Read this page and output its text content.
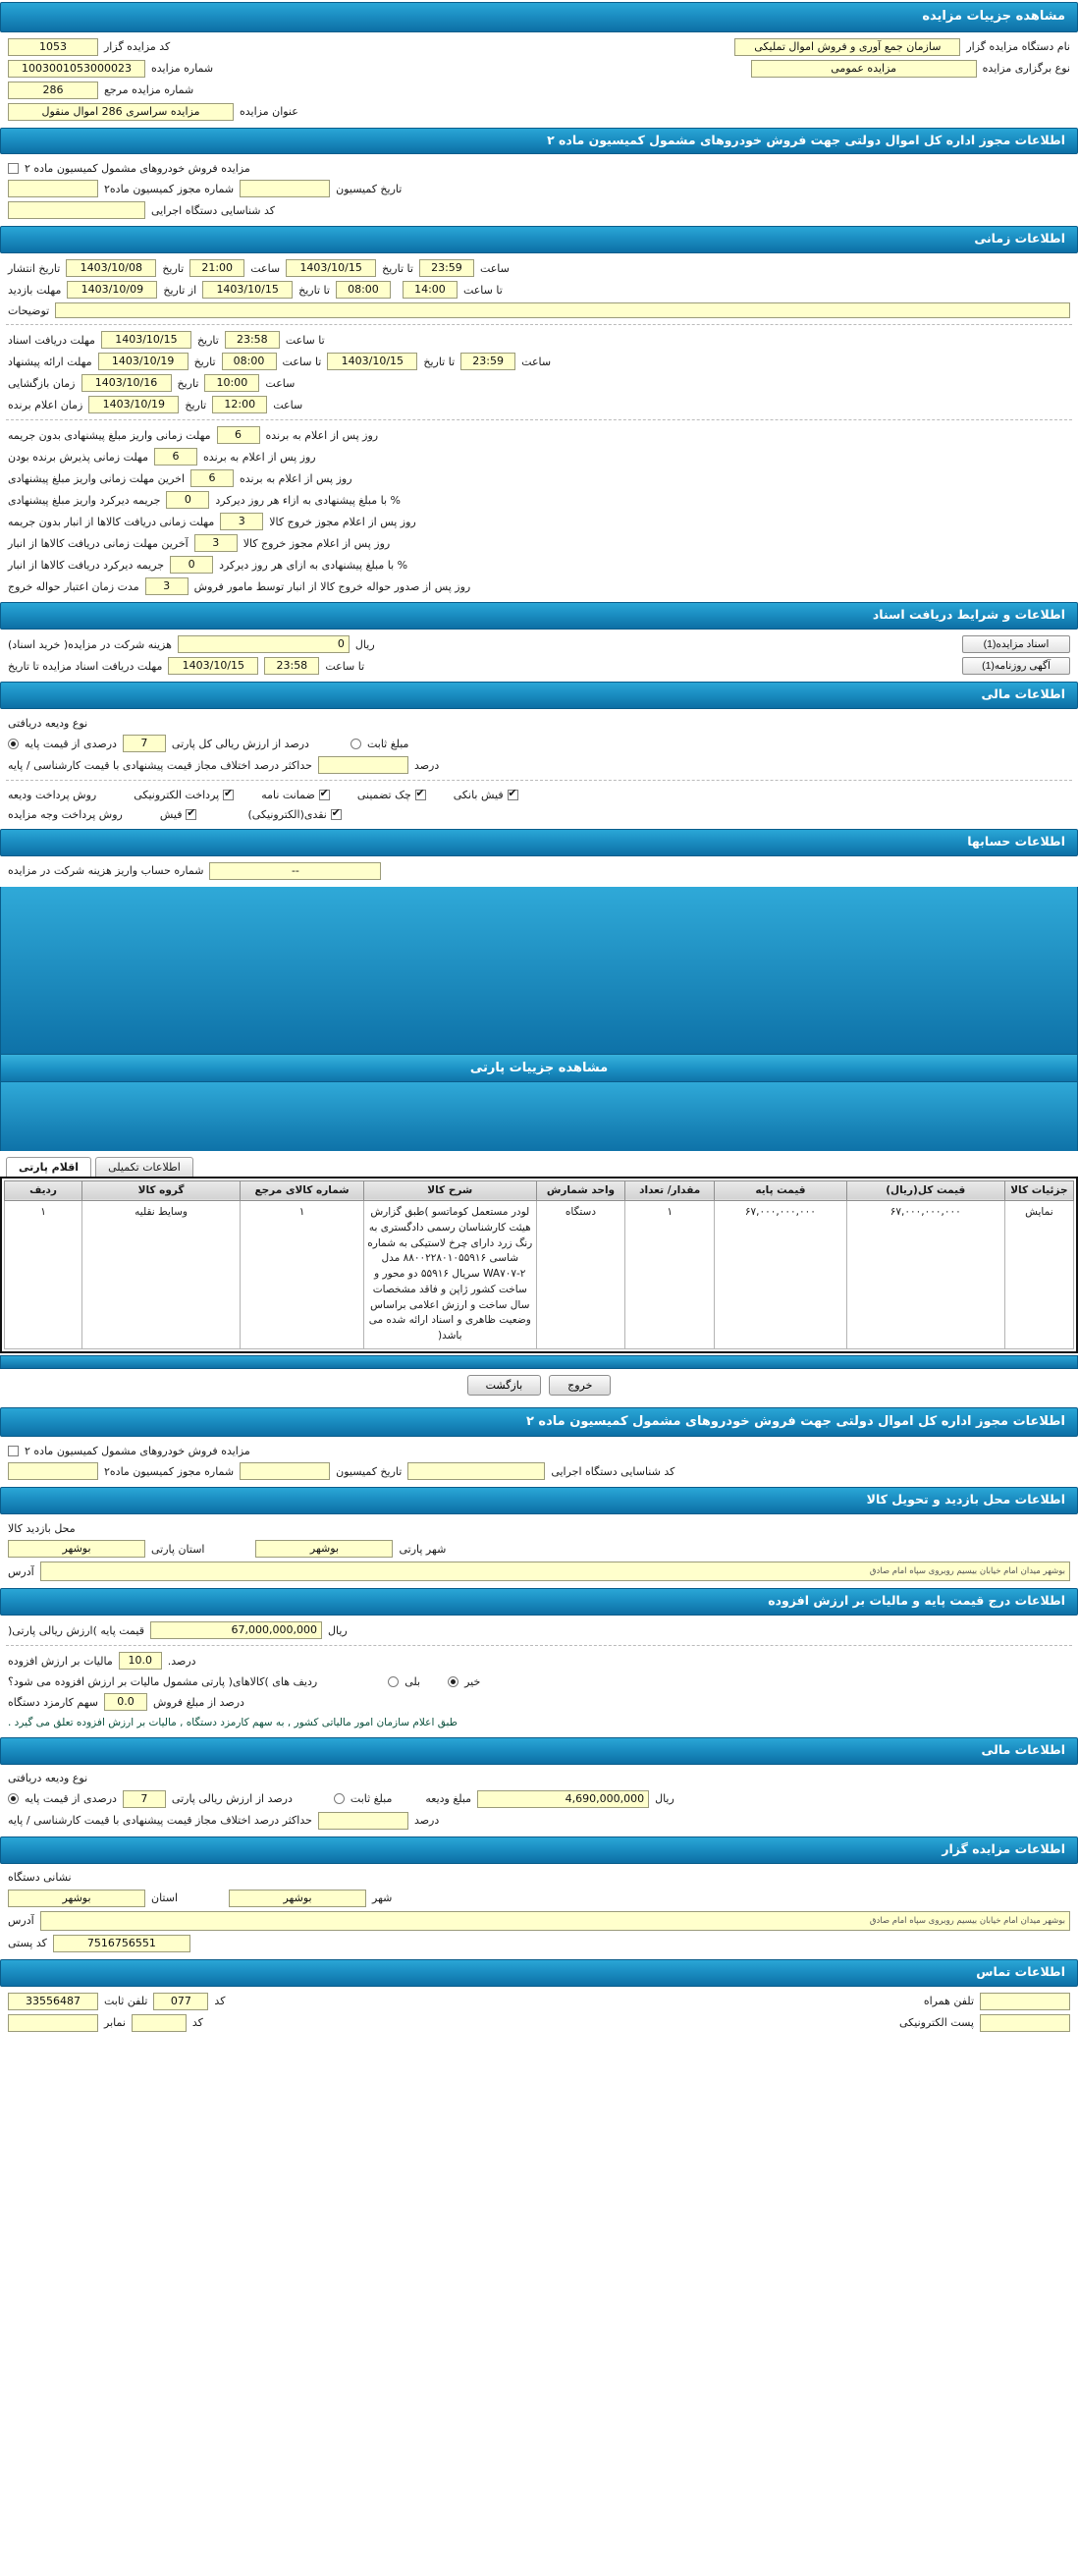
مشاهده جزییات مزایده
نام دستگاه مزایده گزار
سازمان جمع آوری و فروش اموال تملیکی
کد مزایده گزار
1053
نوع برگزاری مزایده
مزایده عمومی
شماره مزایده
1003001053000023
شماره مزایده مرجع
286
عنوان مزایده
مزایده سراسری 286 اموال منقول
اطلاعات مجوز اداره کل اموال دولتی جهت فروش خودروهای مشمول کمیسیون ماده ۲
مزایده فروش خودروهای مشمول کمیسیون ماده ۲
تاریخ کمیسیون
شماره مجوز کمیسیون ماده۲
کد شناسایی دستگاه اجرایی
اطلاعات زمانی
ساعت
23:59
تا تاریخ
1403/10/15
ساعت
21:00
تاریخ
1403/10/08
تاریخ انتشار
تا ساعت
14:00
08:00
تا تاریخ
1403/10/15
از تاریخ
1403/10/09
مهلت بازدید
توضیحات
تا ساعت
23:58
تاریخ
1403/10/15
مهلت دریافت اسناد
ساعت
23:59
تا تاریخ
1403/10/15
تا ساعت
08:00
تاریخ
1403/10/19
مهلت ارائه پیشنهاد
ساعت
10:00
تاریخ
1403/10/16
زمان بازگشایی
ساعت
12:00
تاریخ
1403/10/19
زمان اعلام برنده
روز پس از اعلام به برنده
6
مهلت زمانی واریز مبلغ پیشنهادی بدون جریمه
روز پس از اعلام به برنده
6
مهلت زمانی پذیرش برنده بودن
روز پس از اعلام به برنده
6
اخرین مهلت زمانی واریز مبلغ پیشنهادی
% با مبلغ پیشنهادی به ازاء هر روز دیرکرد
0
جریمه دیرکرد واریز مبلغ پیشنهادی
روز پس از اعلام مجوز خروج کالا
3
مهلت زمانی دریافت کالاها از انبار بدون جریمه
روز پس از اعلام مجوز خروج کالا
3
آخرین مهلت زمانی دریافت کالاها از انبار
% با مبلغ پیشنهادی به ازای هر روز دیرکرد
0
جریمه دیرکرد دریافت کالاها از انبار
روز پس از صدور حواله خروج کالا از انبار توسط مامور فروش
3
مدت زمان اعتبار حواله خروج
اطلاعات و شرایط دریافت اسناد
اسناد مزایده(1)
ریال
0
هزینه شرکت در مزایده( خرید اسناد)
آگهی روزنامه(1)
تا ساعت
23:58
1403/10/15
مهلت دریافت اسناد مزایده تا تاریخ
اطلاعات مالی
نوع ودیعه دریافتی
مبلغ ثابت
درصد از ارزش ریالی کل پارتی
7
درصدی از قیمت پایه
درصد
حداکثر درصد اختلاف مجاز قیمت پیشنهادی با قیمت کارشناسی / پایه
✔
فیش بانکی
✔
چک تضمینی
✔
ضمانت نامه
✔
پرداخت الکترونیکی
روش پرداخت ودیعه
✔
نقدی(الکترونیکی)
✔
فیش
روش پرداخت وجه مزایده
اطلاعات حسابها
--
شماره حساب واریز هزینه شرکت در مزایده
مشاهده جزییات پارتی
اطلاعات تکمیلی
اقلام پارتی
جزئیات کالا	قیمت کل(ریال)	قیمت پایه	مقدار/ تعداد	واحد شمارش	شرح کالا	شماره کالای مرجع	گروه کالا	ردیف
نمایش	۶۷,۰۰۰,۰۰۰,۰۰۰	۶۷,۰۰۰,۰۰۰,۰۰۰	۱	دستگاه	لودر مستعمل کوماتسو )طبق گزارش هیئت کارشناسان رسمی دادگستری به رنگ زرد دارای چرخ لاستیکی به شماره شاسی ۸۸۰۰۲۲۸۰۱۰۵۵۹۱۶ مدل WA۷۰۷-۲ سریال ۵۵۹۱۶ دو محور و ساخت کشور ژاپن و فاقد مشخصات سال ساخت و ارزش اعلامی براساس وضعیت ظاهری و اسناد ارائه شده می باشد(	۱	وسایط نقلیه	۱
خروج
بازگشت
اطلاعات مجوز اداره کل اموال دولتی جهت فروش خودروهای مشمول کمیسیون ماده ۲
مزایده فروش خودروهای مشمول کمیسیون ماده ۲
کد شناسایی دستگاه اجرایی
تاریخ کمیسیون
شماره مجوز کمیسیون ماده۲
اطلاعات محل بازدید و تحویل کالا
محل بازدید کالا
شهر پارتی
بوشهر
استان پارتی
بوشهر
بوشهر میدان امام خیابان بیسیم روبروی سپاه امام صادق
آدرس
اطلاعات درج قیمت پایه و مالیات بر ارزش افزوده
ریال
67,000,000,000
قیمت پایه )ارزش ریالی پارتی(
درصد.
10.0
مالیات بر ارزش افزوده
خیر
بلی
ردیف های )کالاهای( پارتی مشمول مالیات بر ارزش افزوده می شود؟
درصد از مبلغ فروش
0.0
سهم کارمزد دستگاه
طبق اعلام سازمان امور مالیاتی کشور , به سهم کارمزد دستگاه , مالیات بر ارزش افزوده تعلق می گیرد .
اطلاعات مالی
نوع ودیعه دریافتی
ریال
4,690,000,000
مبلغ ودیعه
مبلغ ثابت
درصد از ارزش ریالی پارتی
7
درصدی از قیمت پایه
درصد
حداکثر درصد اختلاف مجاز قیمت پیشنهادی با قیمت کارشناسی / پایه
اطلاعات مزایده گزار
نشانی دستگاه
شهر
بوشهر
استان
بوشهر
بوشهر میدان امام خیابان بیسیم روبروی سپاه امام صادق
آدرس
7516756551
کد پستی
اطلاعات تماس
تلفن همراه
کد
077
تلفن ثابت
33556487
پست الکترونیکی
کد
نمابر
